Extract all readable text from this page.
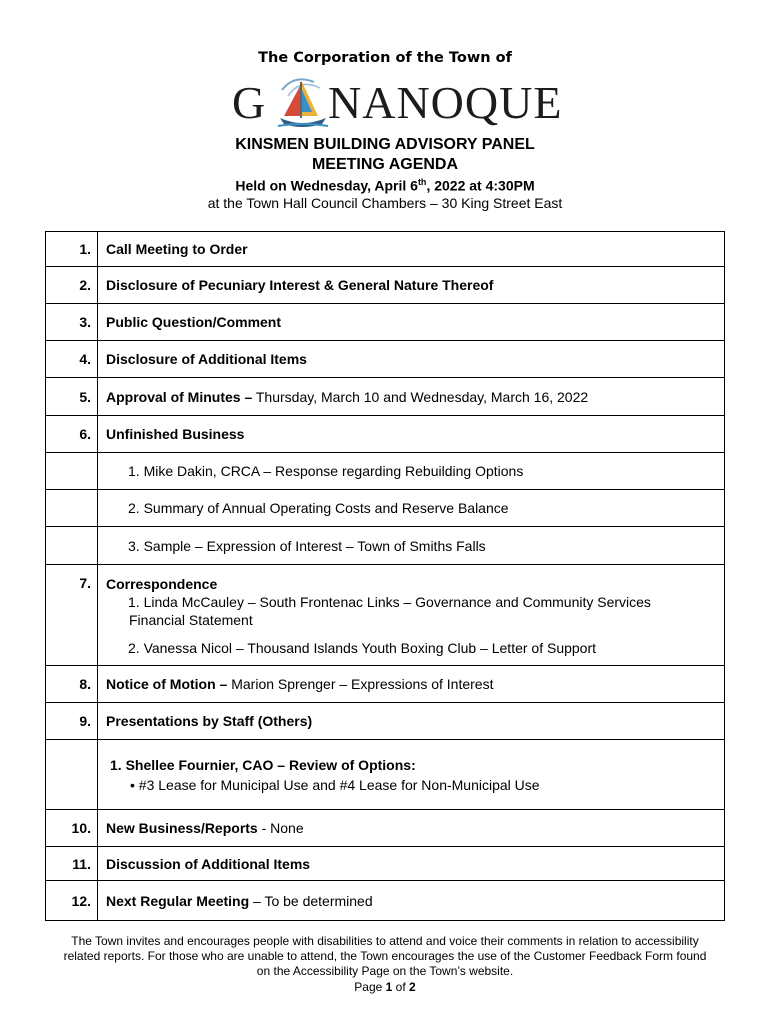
The Corporation of the Town of
G NANOQUE
KINSMEN BUILDING ADVISORY PANEL
MEETING AGENDA
Held on Wednesday, April 6th, 2022 at 4:30PM
at the Town Hall Council Chambers – 30 King Street East
1.	Call Meeting to Order
2.	Disclosure of Pecuniary Interest & General Nature Thereof
3.	Public Question/Comment
4.	Disclosure of Additional Items
5.	Approval of Minutes – Thursday, March 10 and Wednesday, March 16, 2022
6.	Unfinished Business
	1. Mike Dakin, CRCA – Response regarding Rebuilding Options
	2. Summary of Annual Operating Costs and Reserve Balance
	3. Sample – Expression of Interest – Town of Smiths Falls
7.	Correspondence
1. Linda McCauley – South Frontenac Links – Governance and Community Services
Financial Statement
2. Vanessa Nicol – Thousand Islands Youth Boxing Club – Letter of Support

8.	Notice of Motion – Marion Sprenger – Expressions of Interest
9.	Presentations by Staff (Others)

	1. Shellee Fournier, CAO – Review of Options:
• #3 Lease for Municipal Use and #4 Lease for Non-Municipal Use

10.	New Business/Reports - None
11.	Discussion of Additional Items
12.	Next Regular Meeting – To be determined
The Town invites and encourages people with disabilities to attend and voice their comments in relation to accessibility
related reports. For those who are unable to attend, the Town encourages the use of the Customer Feedback Form found
on the Accessibility Page on the Town’s website.
Page 1 of 2
